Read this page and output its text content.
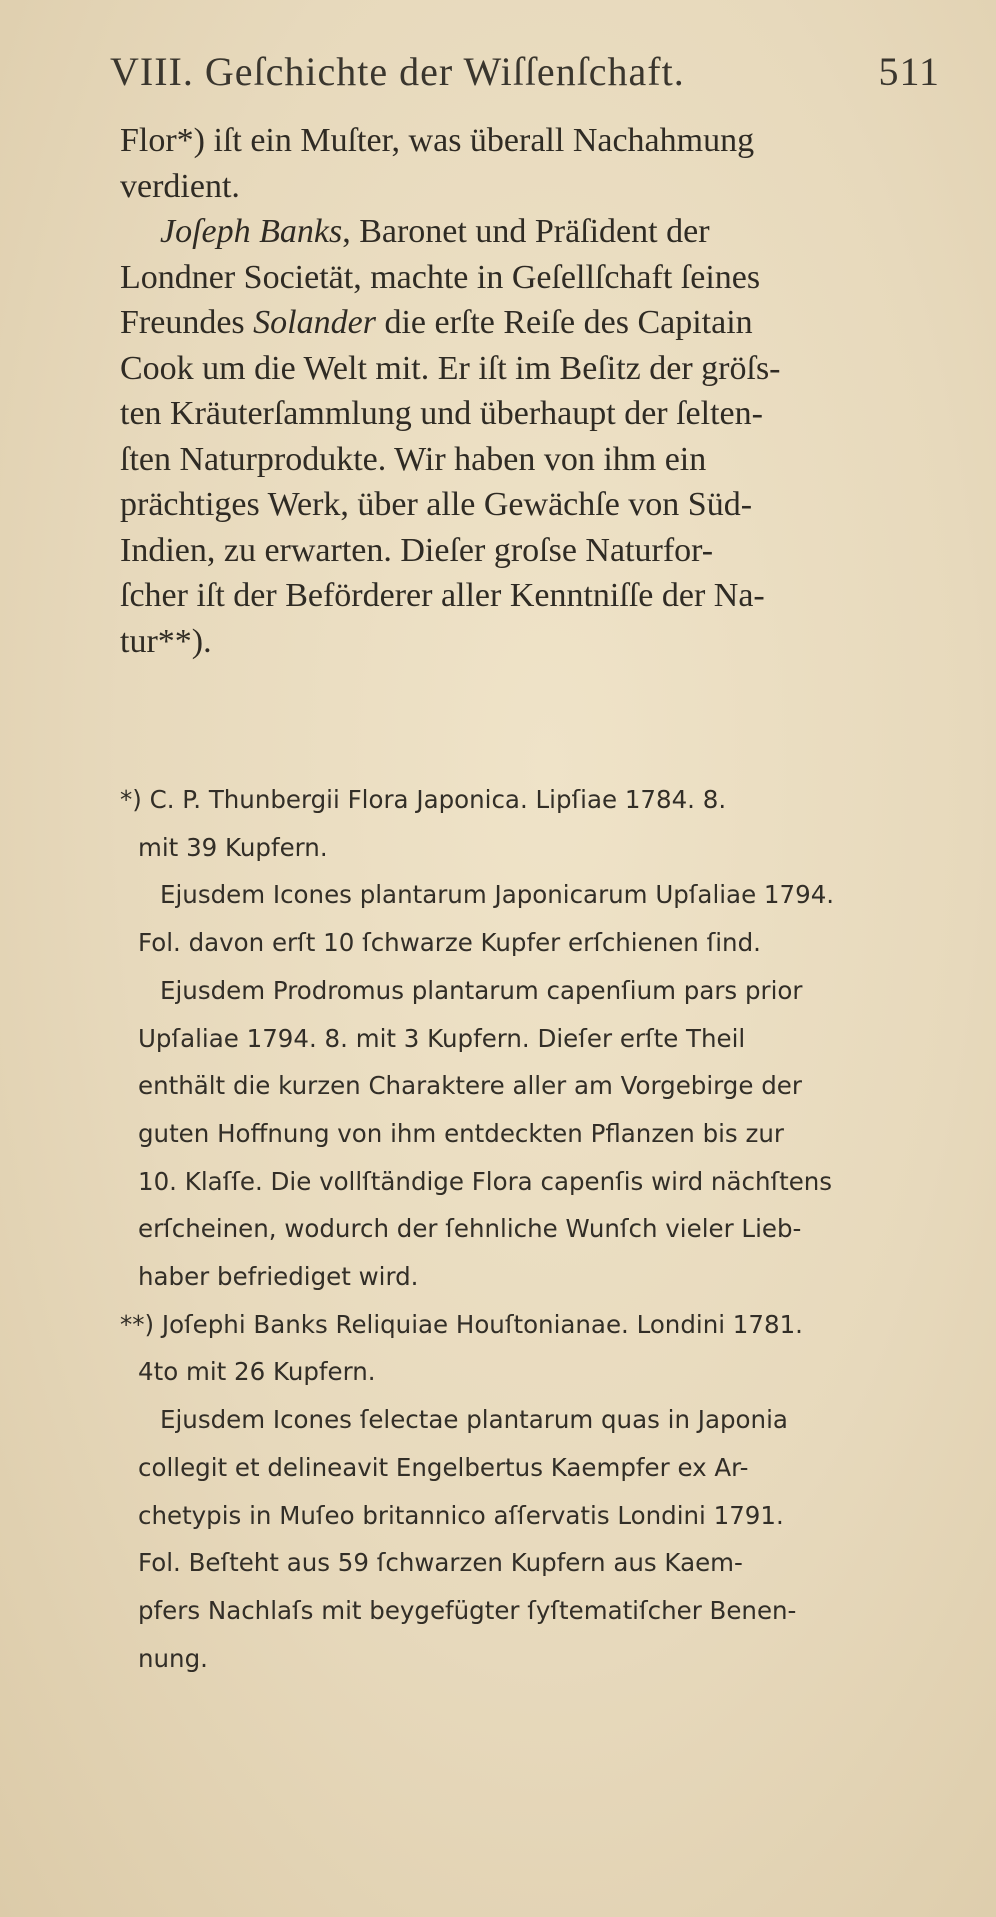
VIII. Geſchichte der Wiſſenſchaft.	511

Flor*) iſt ein Muſter, was überall Nachahmung

verdient.

Joſeph Banks, Baronet und Präſident der

Londner Societät, machte in Geſellſchaft ſeines

Freundes Solander die erſte Reiſe des Capitain

Cook um die Welt mit. Er iſt im Beſitz der gröſs-

ten Kräuterſammlung und überhaupt der ſelten-

ſten Naturprodukte. Wir haben von ihm ein

prächtiges Werk, über alle Gewächſe von Süd-

Indien, zu erwarten. Dieſer groſse Naturfor-

ſcher iſt der Beförderer aller Kenntniſſe der Na-

tur**).

*) C. P. Thunbergii Flora Japonica. Lipſiae 1784. 8.

mit 39 Kupfern.

Ejusdem Icones plantarum Japonicarum Upſaliae 1794.

Fol. davon erſt 10 ſchwarze Kupfer erſchienen ſind.

Ejusdem Prodromus plantarum capenſium pars prior

Upſaliae 1794. 8. mit 3 Kupfern. Dieſer erſte Theil

enthält die kurzen Charaktere aller am Vorgebirge der

guten Hoffnung von ihm entdeckten Pflanzen bis zur

10. Klaſſe. Die vollſtändige Flora capenſis wird nächſtens

erſcheinen, wodurch der ſehnliche Wunſch vieler Lieb-

haber befriediget wird.

**) Joſephi Banks Reliquiae Houſtonianae. Londini 1781.

4to mit 26 Kupfern.

Ejusdem Icones ſelectae plantarum quas in Japonia

collegit et delineavit Engelbertus Kaempfer ex Ar-

chetypis in Muſeo britannico aſſervatis Londini 1791.

Fol. Beſteht aus 59 ſchwarzen Kupfern aus Kaem-

pfers Nachlaſs mit beygefügter ſyſtematiſcher Benen-

nung.
